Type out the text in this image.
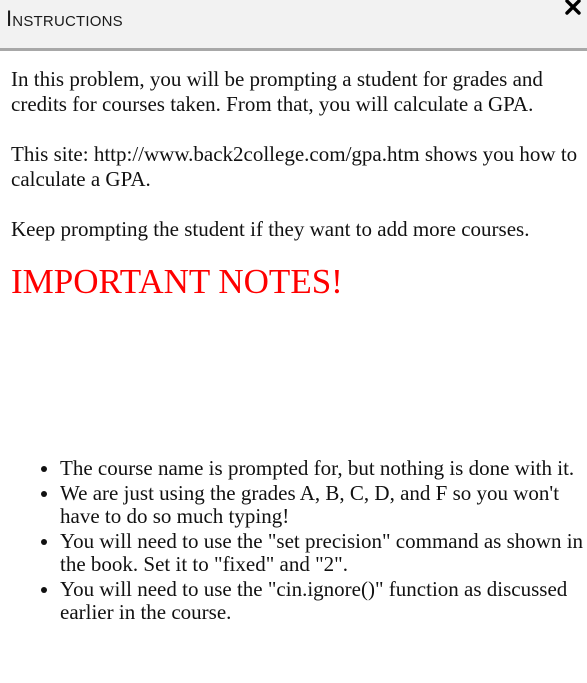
Instructions

In this problem, you will be prompting a student for grades and credits for courses taken. From that, you will calculate a GPA.

This site: http://www.back2college.com/gpa.htm shows you how to calculate a GPA.

Keep prompting the student if they want to add more courses.

IMPORTANT NOTES!
• The course name is prompted for, but nothing is done with it.
• We are just using the grades A, B, C, D, and F so you won't have to do so much typing!
• You will need to use the "set precision" command as shown in the book. Set it to "fixed" and "2".
• You will need to use the "cin.ignore()" function as discussed earlier in the course.
